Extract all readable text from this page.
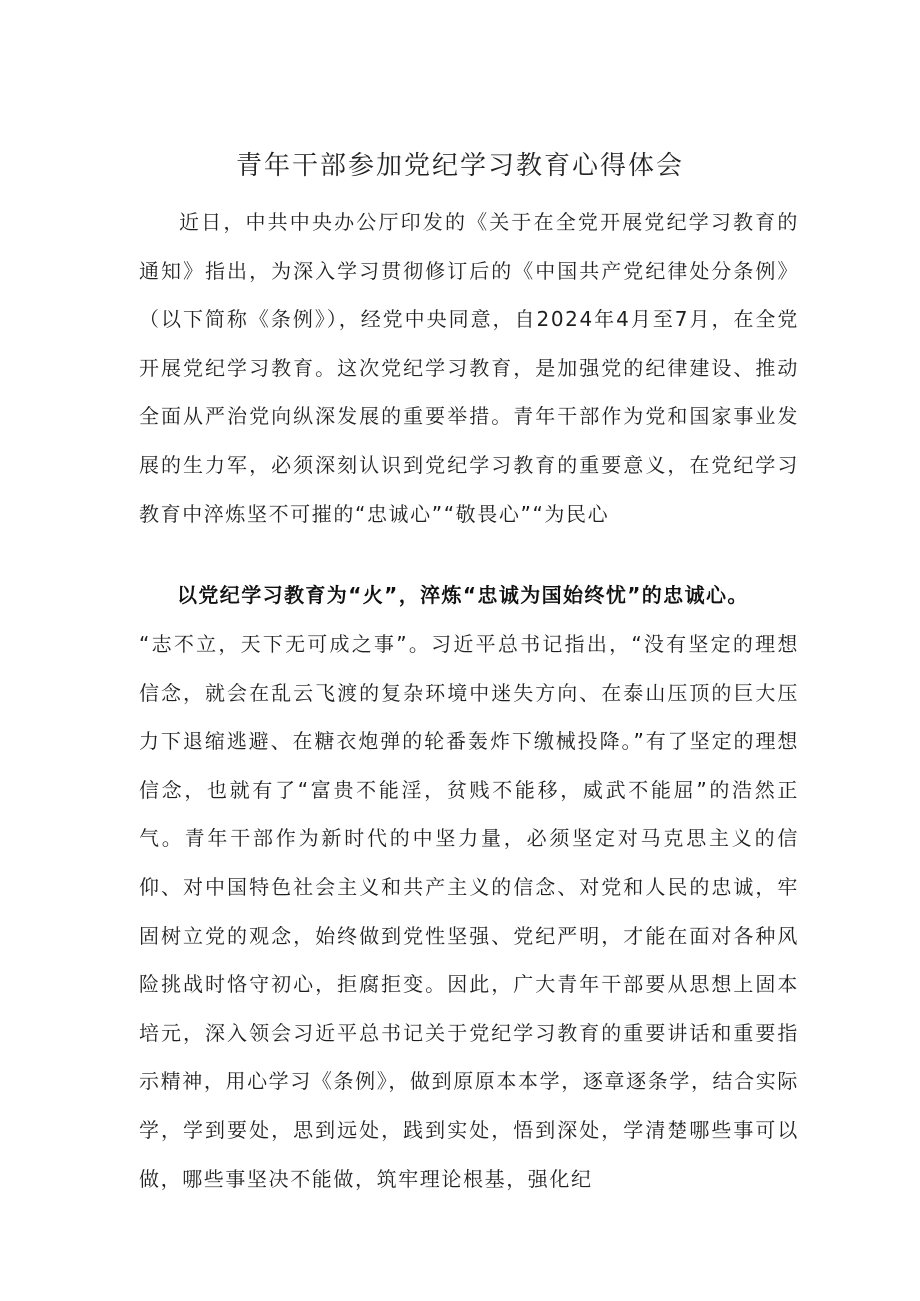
青年干部参加党纪学习教育心得体会
近日，中共中央办公厅印发的《关于在全党开展党纪学习教育的通知》指出，为深入学习贯彻修订后的《中国共产党纪律处分条例》（以下简称《条例》），经党中央同意，自2024年4月至7月，在全党开展党纪学习教育。这次党纪学习教育，是加强党的纪律建设、推动全面从严治党向纵深发展的重要举措。青年干部作为党和国家事业发展的生力军，必须深刻认识到党纪学习教育的重要意义，在党纪学习教育中淬炼坚不可摧的“忠诚心”“敬畏心”“为民心
以党纪学习教育为“火”，淬炼“忠诚为国始终忧”的忠诚心。
“志不立，天下无可成之事”。习近平总书记指出，“没有坚定的理想信念，就会在乱云飞渡的复杂环境中迷失方向、在泰山压顶的巨大压力下退缩逃避、在糖衣炮弹的轮番轰炸下缴械投降。”有了坚定的理想信念，也就有了“富贵不能淫，贫贱不能移，威武不能屈”的浩然正气。青年干部作为新时代的中坚力量，必须坚定对马克思主义的信仰、对中国特色社会主义和共产主义的信念、对党和人民的忠诚，牢固树立党的观念，始终做到党性坚强、党纪严明，才能在面对各种风险挑战时恪守初心，拒腐拒变。因此，广大青年干部要从思想上固本培元，深入领会习近平总书记关于党纪学习教育的重要讲话和重要指示精神，用心学习《条例》，做到原原本本学，逐章逐条学，结合实际学，学到要处，思到远处，践到实处，悟到深处，学清楚哪些事可以做，哪些事坚决不能做，筑牢理论根基，强化纪
